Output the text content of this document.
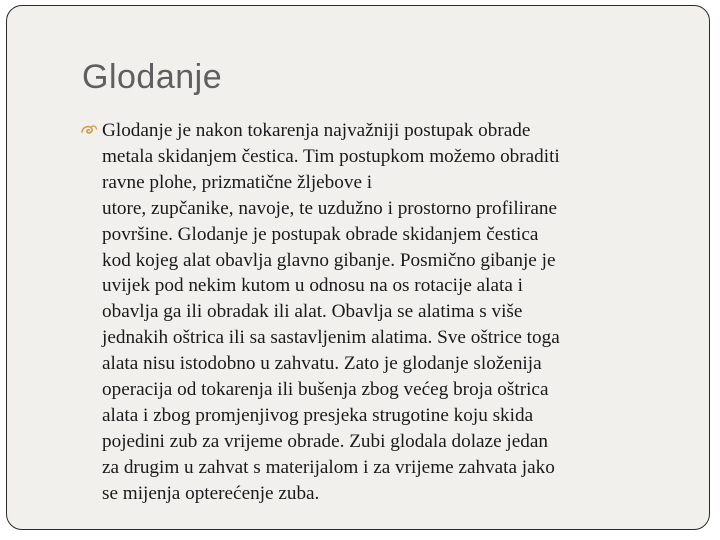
Glodanje

Glodanje je nakon tokarenja najvažniji postupak obrade
metala skidanjem čestica. Tim postupkom možemo obraditi
ravne plohe, prizmatične žljebove i
utore, zupčanike, navoje, te uzdužno i prostorno profilirane
površine. Glodanje je postupak obrade skidanjem čestica
kod kojeg alat obavlja glavno gibanje. Posmično gibanje je
uvijek pod nekim kutom u odnosu na os rotacije alata i
obavlja ga ili obradak ili alat. Obavlja se alatima s više
jednakih oštrica ili sa sastavljenim alatima. Sve oštrice toga
alata nisu istodobno u zahvatu. Zato je glodanje složenija
operacija od tokarenja ili bušenja zbog većeg broja oštrica
alata i zbog promjenjivog presjeka strugotine koju skida
pojedini zub za vrijeme obrade. Zubi glodala dolaze jedan
za drugim u zahvat s materijalom i za vrijeme zahvata jako
se mijenja opterećenje zuba.
